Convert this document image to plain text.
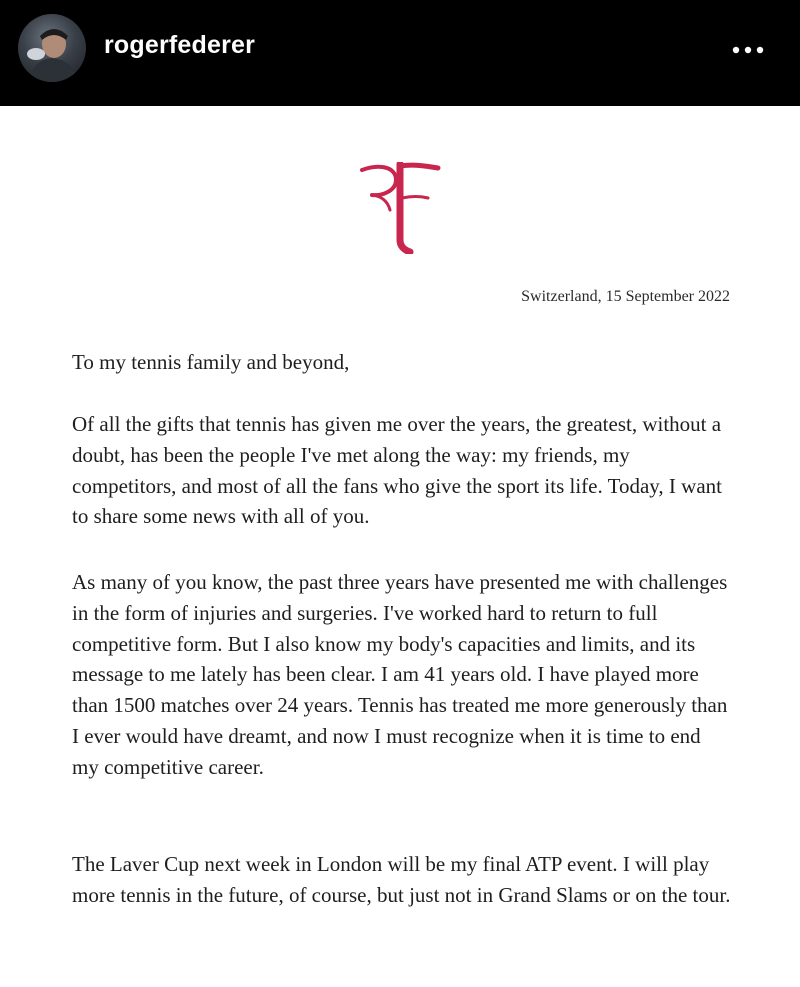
rogerfederer
Switzerland, 15 September 2022

To my tennis family and beyond,

Of all the gifts that tennis has given me over the years, the greatest, without a doubt, has been the people I've met along the way: my friends, my competitors, and most of all the fans who give the sport its life. Today, I want to share some news with all of you.

As many of you know, the past three years have presented me with challenges in the form of injuries and surgeries. I've worked hard to return to full competitive form. But I also know my body's capacities and limits, and its message to me lately has been clear. I am 41 years old. I have played more than 1500 matches over 24 years. Tennis has treated me more generously than I ever would have dreamt, and now I must recognize when it is time to end my competitive career.

The Laver Cup next week in London will be my final ATP event. I will play more tennis in the future, of course, but just not in Grand Slams or on the tour.
